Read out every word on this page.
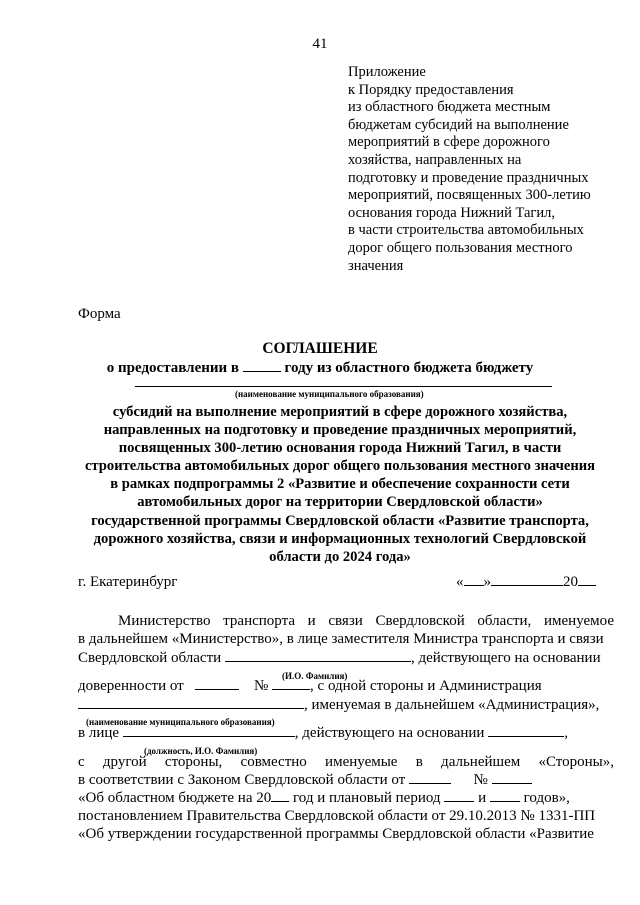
41
Приложение
к Порядку предоставления
из областного бюджета местным
бюджетам субсидий на выполнение
мероприятий в сфере дорожного
хозяйства, направленных на
подготовку и проведение праздничных
мероприятий, посвященных 300-летию
основания города Нижний Тагил,
в части строительства автомобильных
дорог общего пользования местного
значения
Форма
СОГЛАШЕНИЕ
о предоставлении в	году из областного бюджета бюджету
(наименование муниципального образования)
субсидий на выполнение мероприятий в сфере дорожного хозяйства,
направленных на подготовку и проведение праздничных мероприятий,
посвященных 300-летию основания города Нижний Тагил, в части
строительства автомобильных дорог общего пользования местного значения
в рамках подпрограммы 2 «Развитие и обеспечение сохранности сети
автомобильных дорог на территории Свердловской области»
государственной программы Свердловской области «Развитие транспорта,
дорожного хозяйства, связи и информационных технологий Свердловской
области до 2024 года»
г. Екатеринбург	« »	20
Министерство транспорта и связи Свердловской области, именуемое
в дальнейшем «Министерство», в лице заместителя Министра транспорта и связи
Свердловской области	, действующего на основании
(И.О. Фамилия)
доверенности от	№	, с одной стороны и Администрация
, именуемая в дальнейшем «Администрация»,
(наименование муниципального образования)
в лице	, действующего на основании	,
(должность, И.О. Фамилия)
с другой стороны, совместно именуемые в дальнейшем «Стороны»,
в соответствии с Законом Свердловской области от	№
«Об областном бюджете на 20 год и плановый период  и  годов»,
постановлением Правительства Свердловской области от 29.10.2013 № 1331-ПП
«Об утверждении государственной программы Свердловской области «Развитие
